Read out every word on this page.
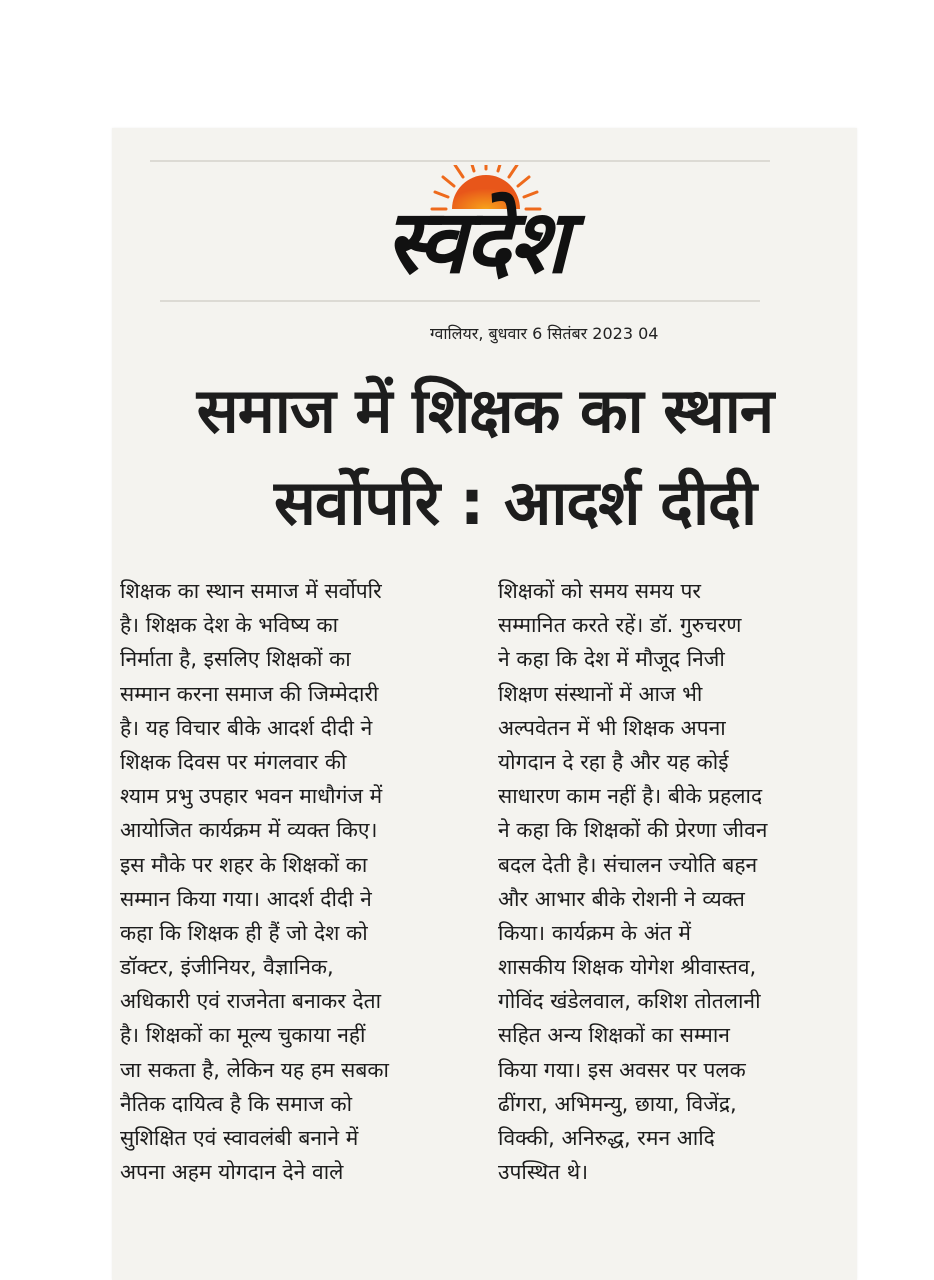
स्वदेश
ग्वालियर, बुधवार 6 सितंबर 2023 04
समाज में शिक्षक का स्थान
सर्वोपरि : आदर्श दीदी
शिक्षक का स्थान समाज में सर्वोपरि
है। शिक्षक देश के भविष्य का
निर्माता है, इसलिए शिक्षकों का
सम्मान करना समाज की जिम्मेदारी
है। यह विचार बीके आदर्श दीदी ने
शिक्षक दिवस पर मंगलवार की
श्याम प्रभु उपहार भवन माधौगंज में
आयोजित कार्यक्रम में व्यक्त किए।
इस मौके पर शहर के शिक्षकों का
सम्मान किया गया। आदर्श दीदी ने
कहा कि शिक्षक ही हैं जो देश को
डॉक्टर, इंजीनियर, वैज्ञानिक,
अधिकारी एवं राजनेता बनाकर देता
है। शिक्षकों का मूल्य चुकाया नहीं
जा सकता है, लेकिन यह हम सबका
नैतिक दायित्व है कि समाज को
सुशिक्षित एवं स्वावलंबी बनाने में
अपना अहम योगदान देने वाले
शिक्षकों को समय समय पर
सम्मानित करते रहें। डॉ. गुरुचरण
ने कहा कि देश में मौजूद निजी
शिक्षण संस्थानों में आज भी
अल्पवेतन में भी शिक्षक अपना
योगदान दे रहा है और यह कोई
साधारण काम नहीं है। बीके प्रहलाद
ने कहा कि शिक्षकों की प्रेरणा जीवन
बदल देती है। संचालन ज्योति बहन
और आभार बीके रोशनी ने व्यक्त
किया। कार्यक्रम के अंत में
शासकीय शिक्षक योगेश श्रीवास्तव,
गोविंद खंडेलवाल, कशिश तोतलानी
सहित अन्य शिक्षकों का सम्मान
किया गया। इस अवसर पर पलक
ढींगरा, अभिमन्यु, छाया, विजेंद्र,
विक्की, अनिरुद्ध, रमन आदि
उपस्थित थे।
